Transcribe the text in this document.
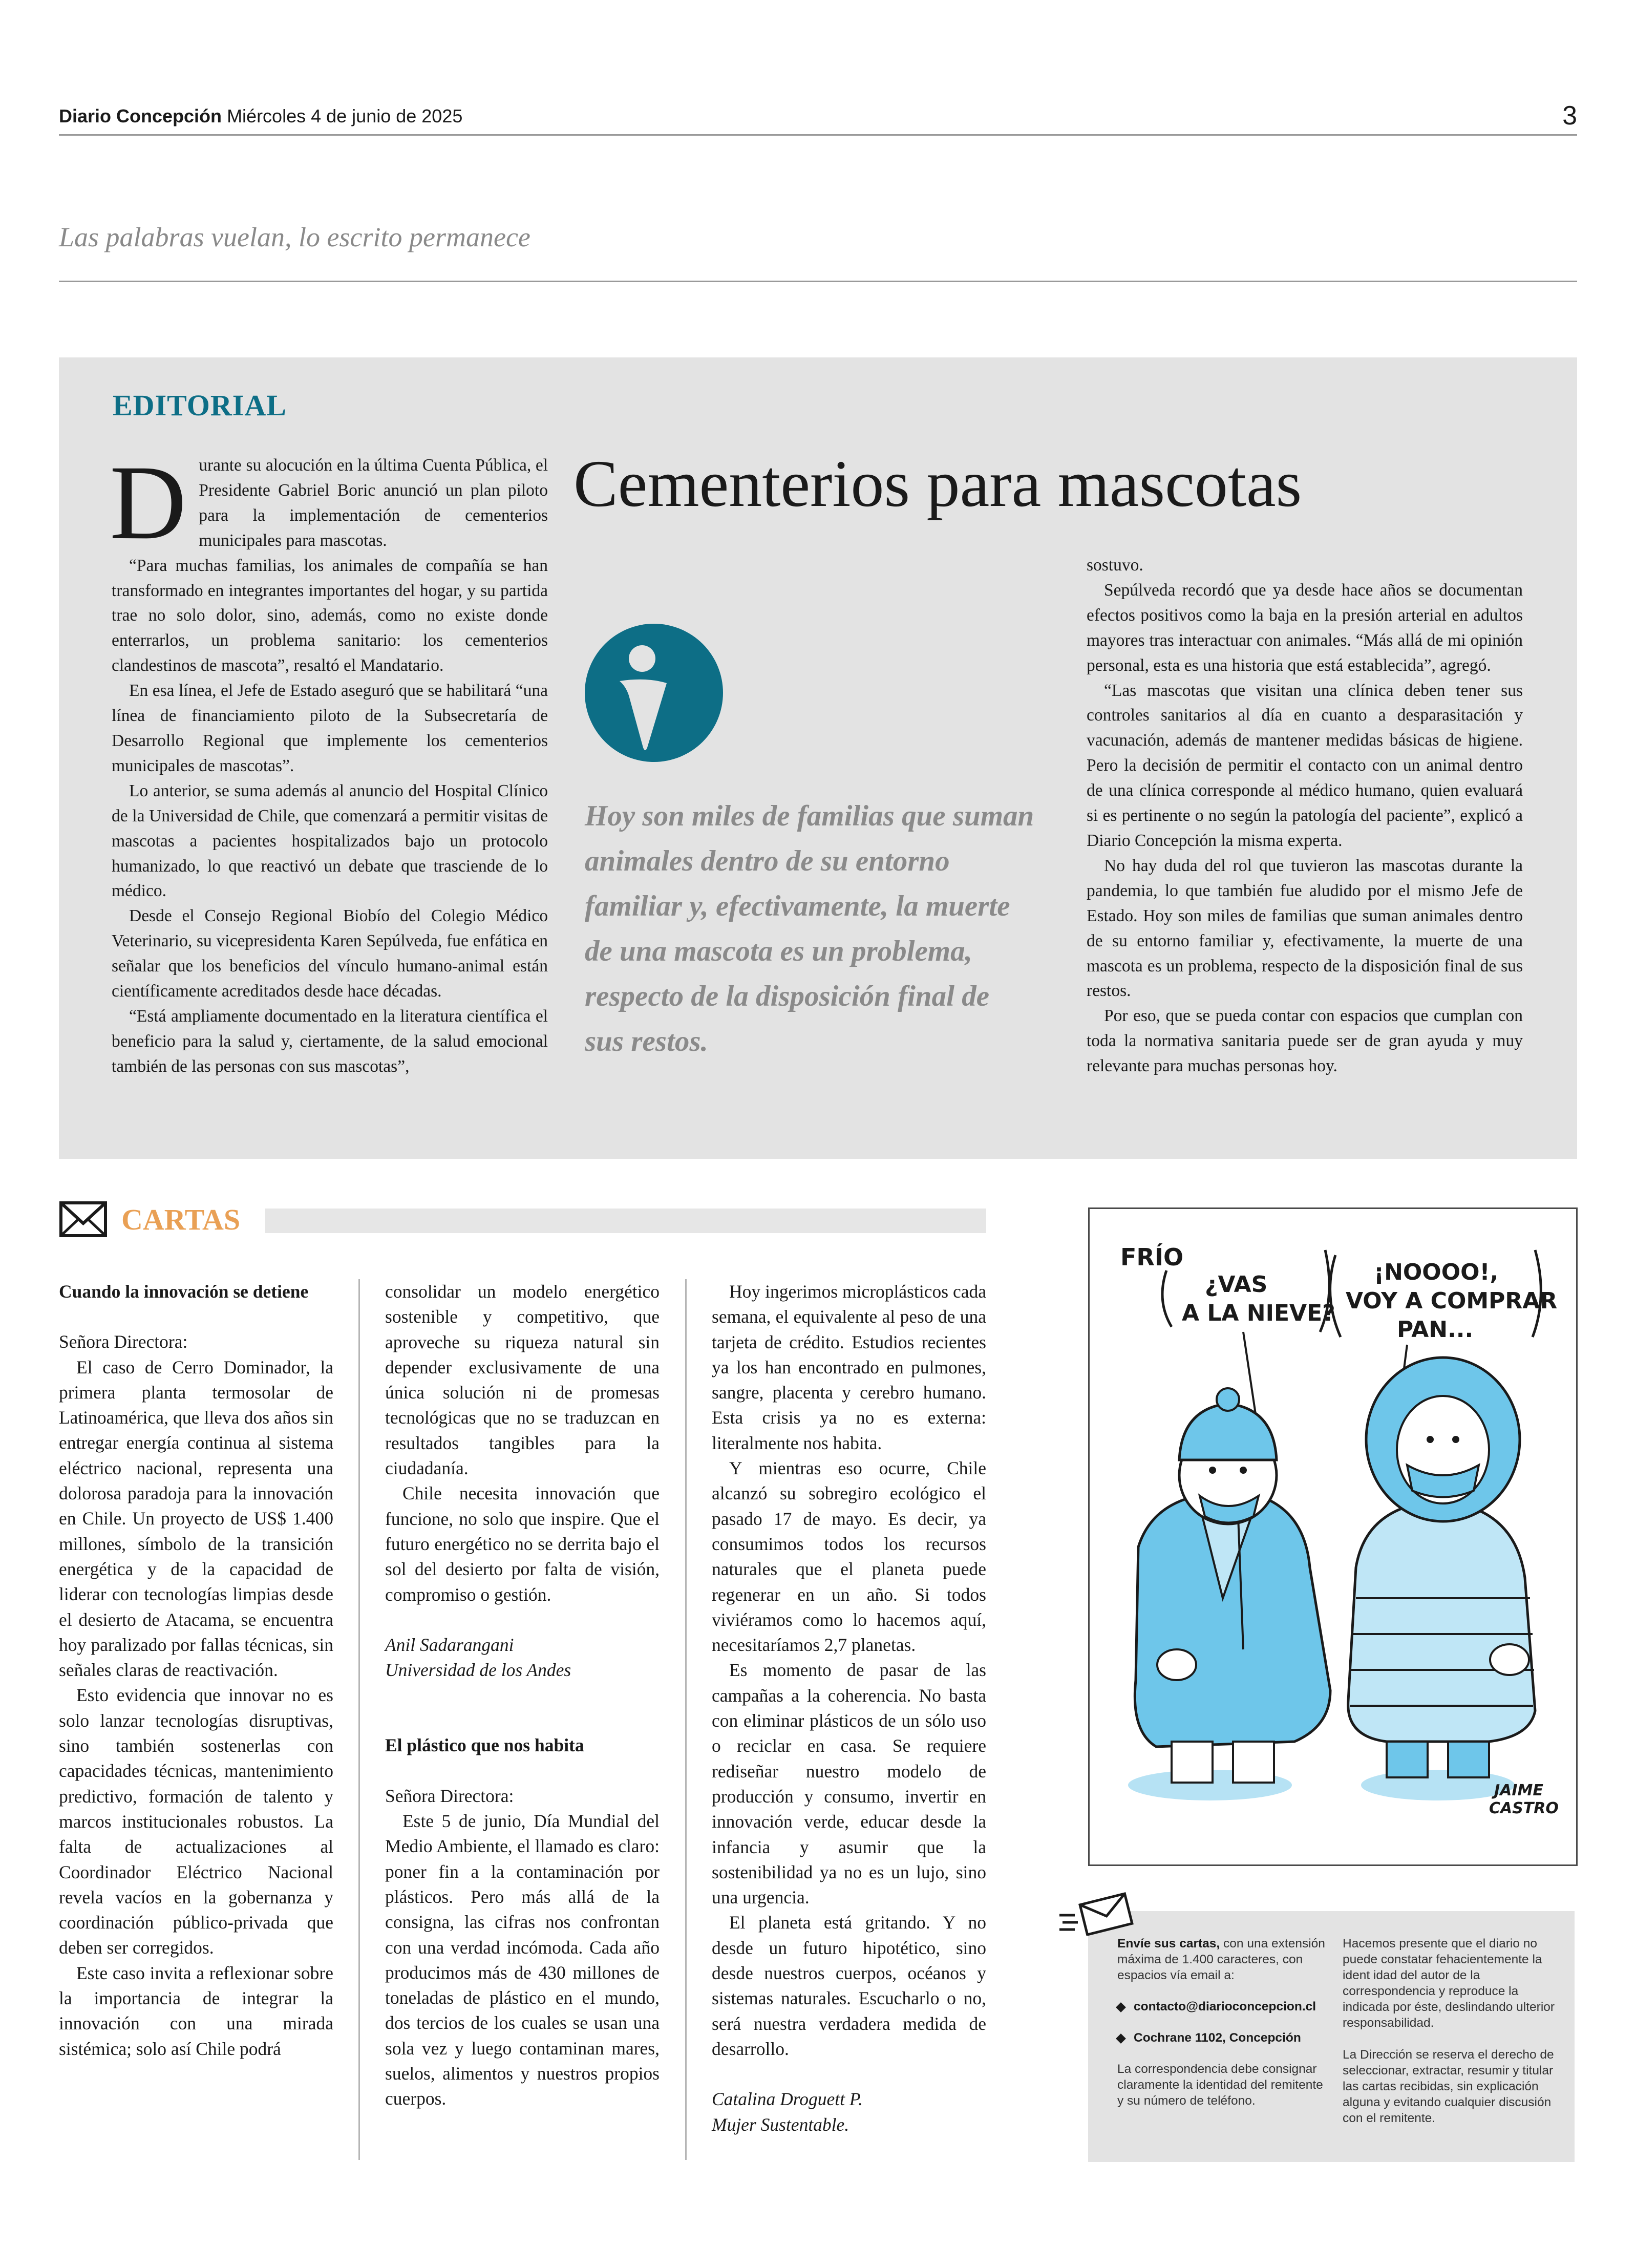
Diario Concepción Miércoles 4 de junio de 2025	3
Las palabras vuelan, lo escrito permanece
EDITORIAL
Cementerios para mascotas
D urante su alocución en la última Cuenta Pública, el Presidente Gabriel Boric anunció un plan piloto para la implementación de cementerios municipales para mascotas.

“Para muchas familias, los animales de compañía se han transformado en integrantes importantes del hogar, y su partida trae no solo dolor, sino, además, como no existe donde enterrarlos, un problema sanitario: los cementerios clandestinos de mascota”, resaltó el Mandatario.

En esa línea, el Jefe de Estado aseguró que se habilitará “una línea de financiamiento piloto de la Subsecretaría de Desarrollo Regional que implemente los cementerios municipales de mascotas”.

Lo anterior, se suma además al anuncio del Hospital Clínico de la Universidad de Chile, que comenzará a permitir visitas de mascotas a pacientes hospitalizados bajo un protocolo humanizado, lo que reactivó un debate que trasciende de lo médico.

Desde el Consejo Regional Biobío del Colegio Médico Veterinario, su vicepresidenta Karen Sepúlveda, fue enfática en señalar que los beneficios del vínculo humano-animal están científicamente acreditados desde hace décadas.

“Está ampliamente documentado en la literatura científica el beneficio para la salud y, ciertamente, de la salud emocional también de las personas con sus mascotas”,

Hoy son miles de familias que suman animales dentro de su entorno familiar y, efectivamente, la muerte de una mascota es un problema, respecto de la disposición final de sus restos.

sostuvo.

Sepúlveda recordó que ya desde hace años se documentan efectos positivos como la baja en la presión arterial en adultos mayores tras interactuar con animales. “Más allá de mi opinión personal, esta es una historia que está establecida”, agregó.

“Las mascotas que visitan una clínica deben tener sus controles sanitarios al día en cuanto a desparasitación y vacunación, además de mantener medidas básicas de higiene. Pero la decisión de permitir el contacto con un animal dentro de una clínica corresponde al médico humano, quien evaluará si es pertinente o no según la patología del paciente”, explicó a Diario Concepción la misma experta.

No hay duda del rol que tuvieron las mascotas durante la pandemia, lo que también fue aludido por el mismo Jefe de Estado. Hoy son miles de familias que suman animales dentro de su entorno familiar y, efectivamente, la muerte de una mascota es un problema, respecto de la disposición final de sus restos.

Por eso, que se pueda contar con espacios que cumplan con toda la normativa sanitaria puede ser de gran ayuda y muy relevante para muchas personas hoy.

CARTAS

Cuando la innovación se detiene

Señora Directora:

El caso de Cerro Dominador, la primera planta termosolar de Latinoamérica, que lleva dos años sin entregar energía continua al sistema eléctrico nacional, representa una dolorosa paradoja para la innovación en Chile. Un proyecto de US$ 1.400 millones, símbolo de la transición energética y de la capacidad de liderar con tecnologías limpias desde el desierto de Atacama, se encuentra hoy paralizado por fallas técnicas, sin señales claras de reactivación.

Esto evidencia que innovar no es solo lanzar tecnologías disruptivas, sino también sostenerlas con capacidades técnicas, mantenimiento predictivo, formación de talento y marcos institucionales robustos. La falta de actualizaciones al Coordinador Eléctrico Nacional revela vacíos en la gobernanza y coordinación público-privada que deben ser corregidos.

Este caso invita a reflexionar sobre la importancia de integrar la innovación con una mirada sistémica; solo así Chile podrá

consolidar un modelo energético sostenible y competitivo, que aproveche su riqueza natural sin depender exclusivamente de una única solución ni de promesas tecnológicas que no se traduzcan en resultados tangibles para la ciudadanía.

Chile necesita innovación que funcione, no solo que inspire. Que el futuro energético no se derrita bajo el sol del desierto por falta de visión, compromiso o gestión.

Anil Sadarangani

Universidad de los Andes

El plástico que nos habita

Señora Directora:

Este 5 de junio, Día Mundial del Medio Ambiente, el llamado es claro: poner fin a la contaminación por plásticos. Pero más allá de la consigna, las cifras nos confrontan con una verdad incómoda. Cada año producimos más de 430 millones de toneladas de plástico en el mundo, dos tercios de los cuales se usan una sola vez y luego contaminan mares, suelos, alimentos y nuestros propios cuerpos.

Hoy ingerimos microplásticos cada semana, el equivalente al peso de una tarjeta de crédito. Estudios recientes ya los han encontrado en pulmones, sangre, placenta y cerebro humano. Esta crisis ya no es externa: literalmente nos habita.

Y mientras eso ocurre, Chile alcanzó su sobregiro ecológico el pasado 17 de mayo. Es decir, ya consumimos todos los recursos naturales que el planeta puede regenerar en un año. Si todos viviéramos como lo hacemos aquí, necesitaríamos 2,7 planetas.

Es momento de pasar de las campañas a la coherencia. No basta con eliminar plásticos de un sólo uso o reciclar en casa. Se requiere rediseñar nuestro modelo de producción y consumo, invertir en innovación verde, educar desde la infancia y asumir que la sostenibilidad ya no es un lujo, sino una urgencia.

El planeta está gritando. Y no desde un futuro hipotético, sino desde nuestros cuerpos, océanos y sistemas naturales. Escucharlo o no, será nuestra verdadera medida de desarrollo.

Catalina Droguett P.

Mujer Sustentable.

FRÍO
¿VAS
A LA NIEVE?
¡NOOOO!,
VOY A COMPRAR
PAN...
JAIME
CASTRO

Envíe sus cartas, con una extensión máxima de 1.400 caracteres, con espacios vía email a:

contacto@diarioconcepcion.cl

Cochrane 1102, Concepción

La correspondencia debe consignar claramente la identidad del remitente y su número de teléfono.

Hacemos presente que el diario no puede constatar fehacientemente la ident idad del autor de la correspondencia y reproduce la indicada por éste, deslindando ulterior responsabilidad.

La Dirección se reserva el derecho de seleccionar, extractar, resumir y titular las cartas recibidas, sin explicación alguna y evitando cualquier discusión con el remitente.
